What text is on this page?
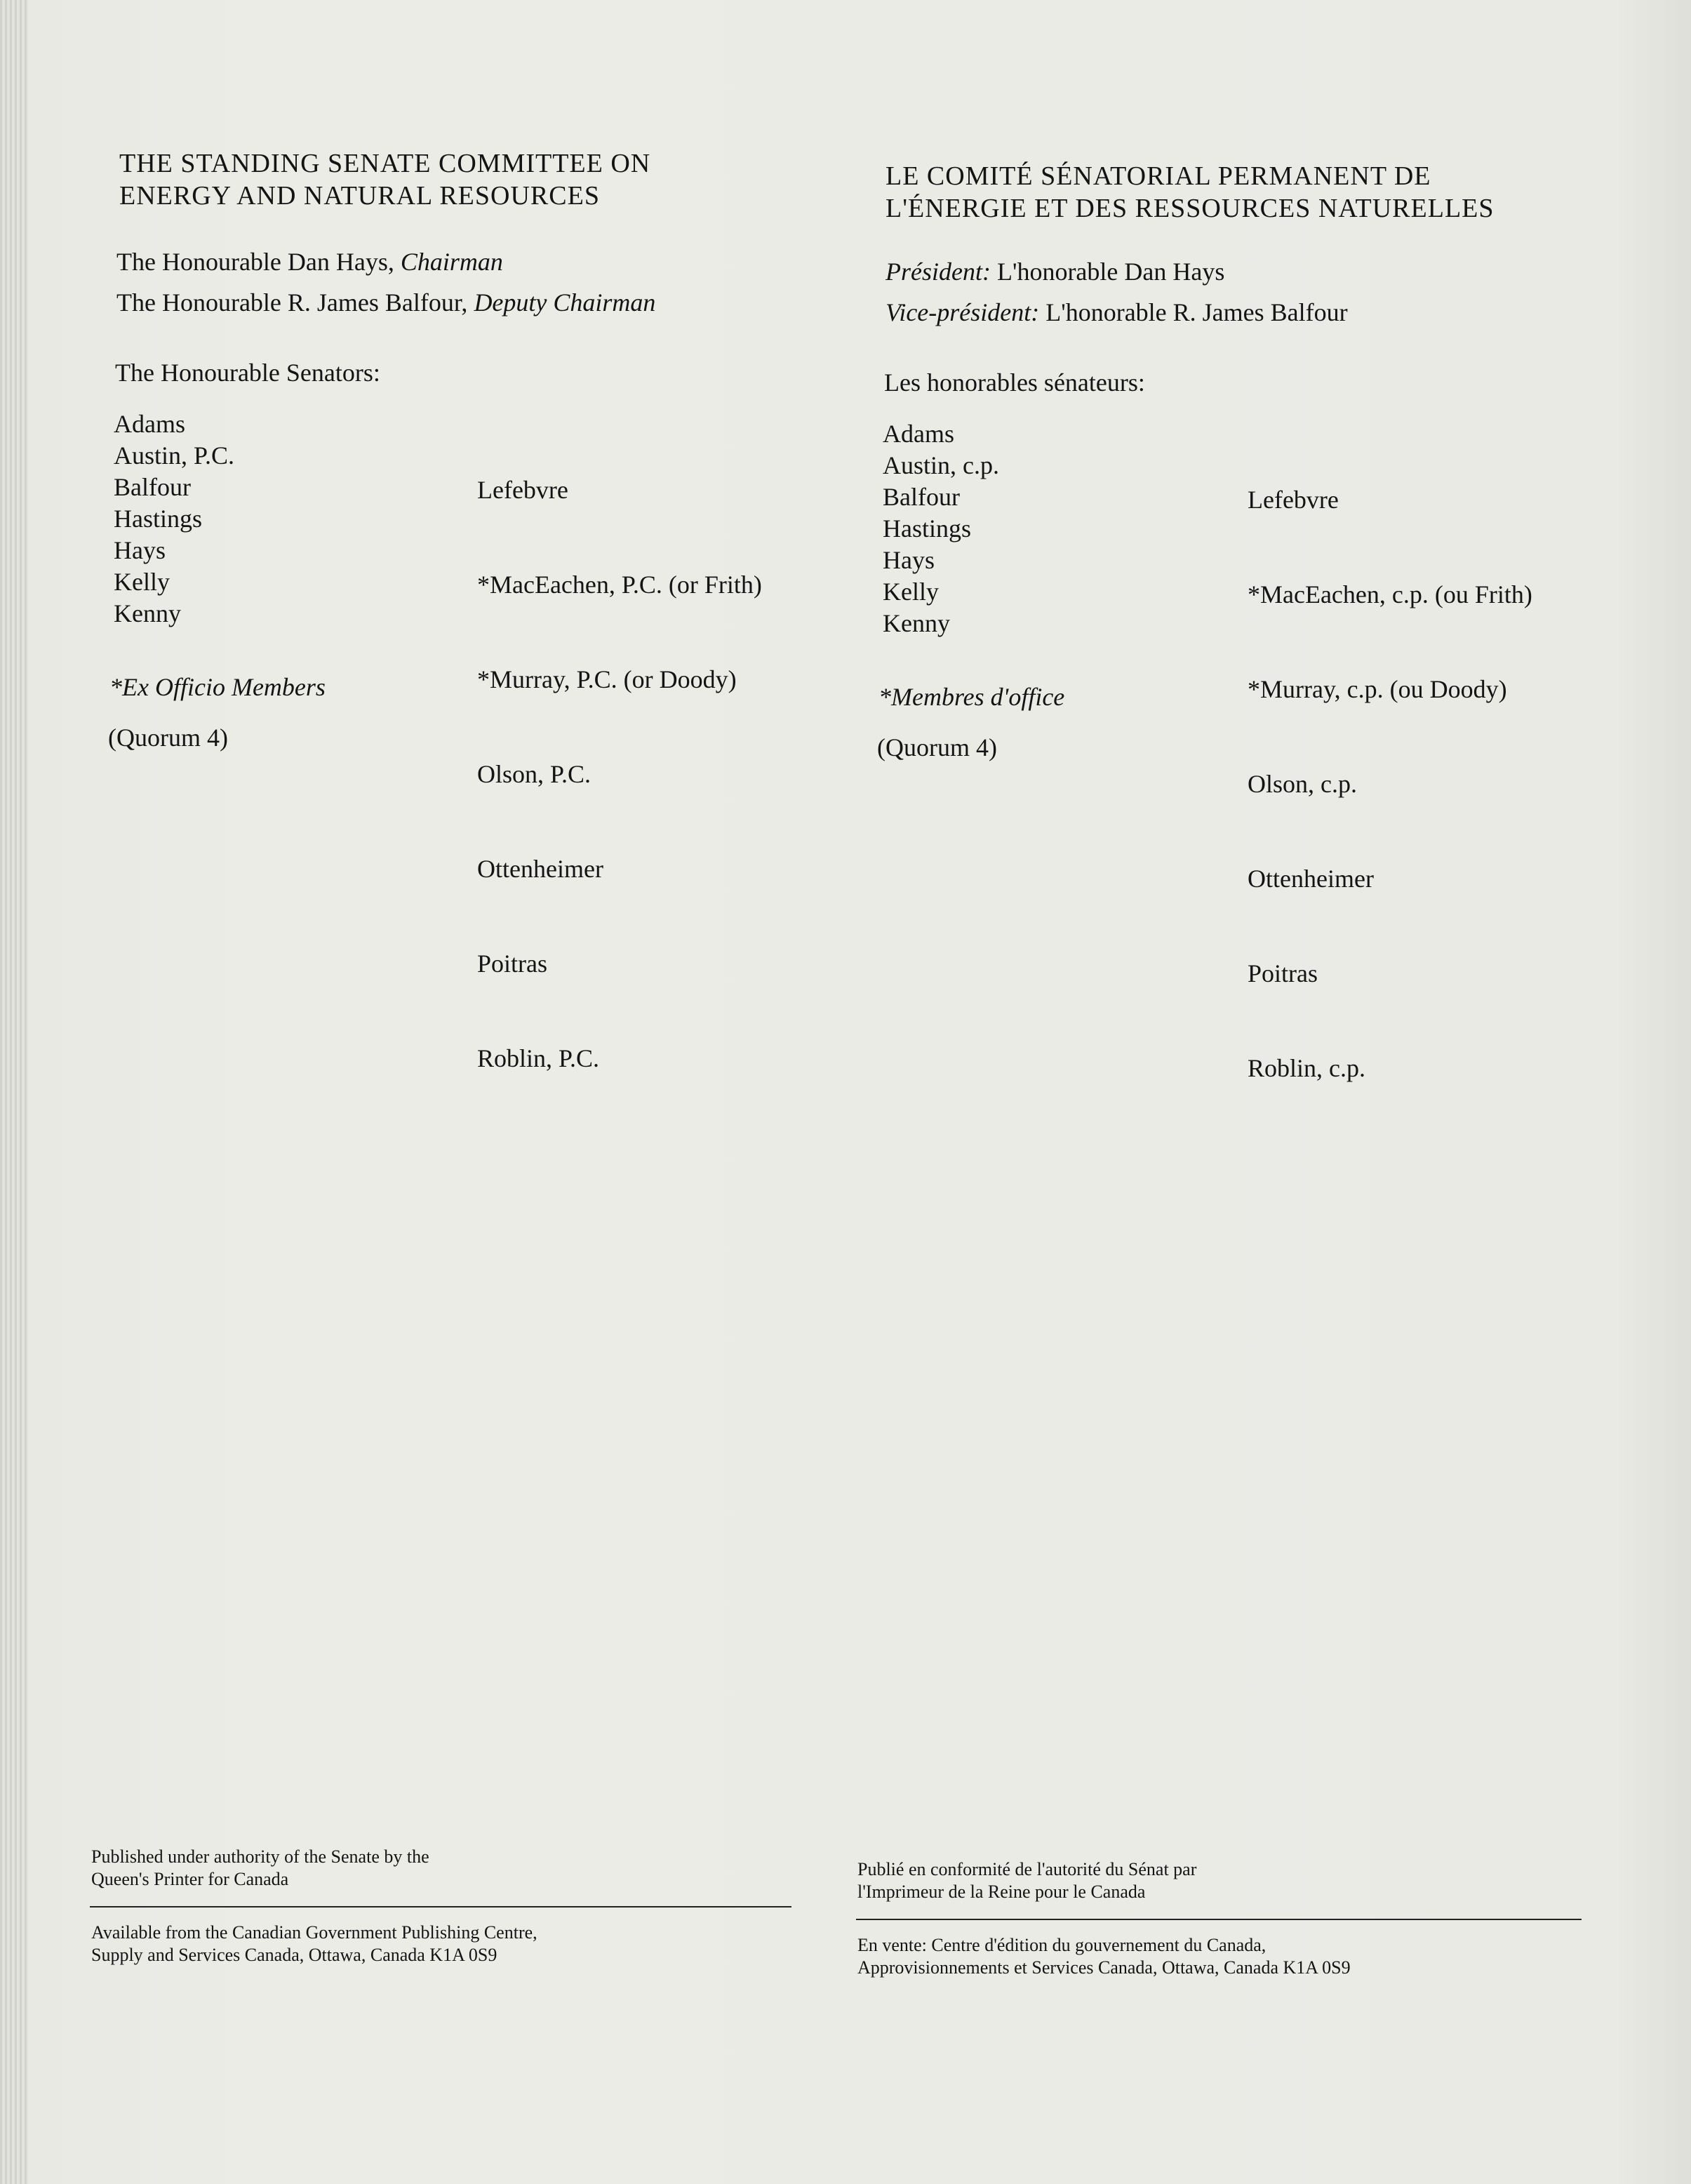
THE STANDING SENATE COMMITTEE ON
ENERGY AND NATURAL RESOURCES
The Honourable Dan Hays, Chairman
The Honourable R. James Balfour, Deputy Chairman
The Honourable Senators:
Adams
Austin, P.C.
Balfour
Hastings
Hays
Kelly
Kenny

Lefebvre

*MacEachen, P.C. (or Frith)

*Murray, P.C. (or Doody)

Olson, P.C.

Ottenheimer

Poitras

Roblin, P.C.

*Ex Officio Members
(Quorum 4)
Published under authority of the Senate by the
Queen's Printer for Canada
Available from the Canadian Government Publishing Centre,
Supply and Services Canada, Ottawa, Canada K1A 0S9
LE COMITÉ SÉNATORIAL PERMANENT DE
L'ÉNERGIE ET DES RESSOURCES NATURELLES
Président: L'honorable Dan Hays
Vice-président: L'honorable R. James Balfour
Les honorables sénateurs:
Adams
Austin, c.p.
Balfour
Hastings
Hays
Kelly
Kenny

Lefebvre

*MacEachen, c.p. (ou Frith)

*Murray, c.p. (ou Doody)

Olson, c.p.

Ottenheimer

Poitras

Roblin, c.p.

*Membres d'office
(Quorum 4)
Publié en conformité de l'autorité du Sénat par
l'Imprimeur de la Reine pour le Canada
En vente: Centre d'édition du gouvernement du Canada,
Approvisionnements et Services Canada, Ottawa, Canada K1A 0S9
